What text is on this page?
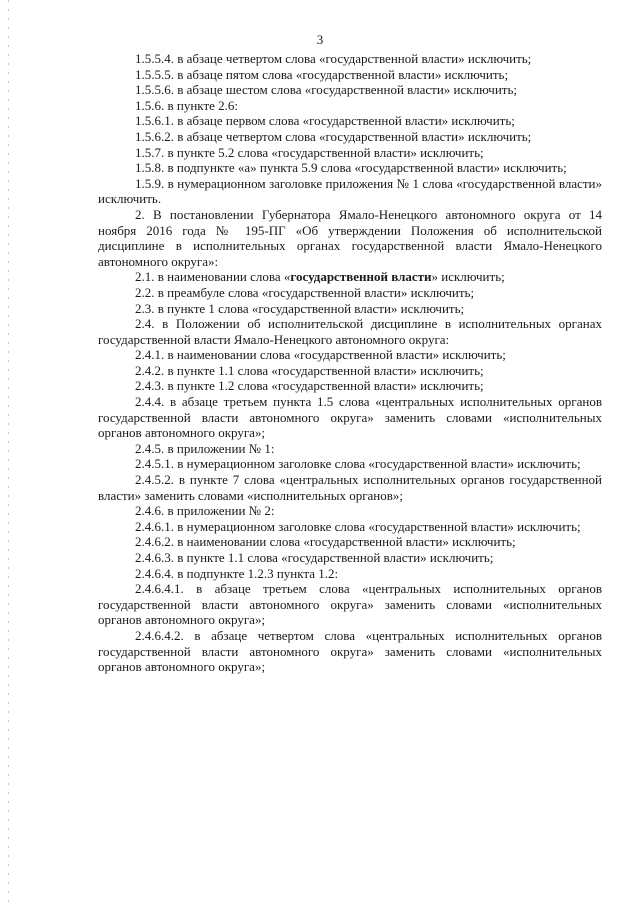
3

1.5.5.4. в абзаце четвертом слова «государственной власти» исключить;

1.5.5.5. в абзаце пятом слова «государственной власти» исключить;

1.5.5.6. в абзаце шестом слова «государственной власти» исключить;

1.5.6. в пункте 2.6:

1.5.6.1. в абзаце первом слова «государственной власти» исключить;

1.5.6.2. в абзаце четвертом слова «государственной власти» исключить;

1.5.7. в пункте 5.2 слова «государственной власти» исключить;

1.5.8. в подпункте «а» пункта 5.9 слова «государственной власти» исключить;

1.5.9. в нумерационном заголовке приложения № 1 слова «государственной власти» исключить.

2. В постановлении Губернатора Ямало-Ненецкого автономного округа от 14 ноября 2016 года № 195-ПГ «Об утверждении Положения об исполнительской дисциплине в исполнительных органах государственной власти Ямало-Ненецкого автономного округа»:

2.1. в наименовании слова «государственной власти» исключить;

2.2. в преамбуле слова «государственной власти» исключить;

2.3. в пункте 1 слова «государственной власти» исключить;

2.4. в Положении об исполнительской дисциплине в исполнительных органах государственной власти Ямало-Ненецкого автономного округа:

2.4.1. в наименовании слова «государственной власти» исключить;

2.4.2. в пункте 1.1 слова «государственной власти» исключить;

2.4.3. в пункте 1.2 слова «государственной власти» исключить;

2.4.4. в абзаце третьем пункта 1.5 слова «центральных исполнительных органов государственной власти автономного округа» заменить словами «исполнительных органов автономного округа»;

2.4.5. в приложении № 1:

2.4.5.1. в нумерационном заголовке слова «государственной власти» исключить;

2.4.5.2. в пункте 7 слова «центральных исполнительных органов государственной власти» заменить словами «исполнительных органов»;

2.4.6. в приложении № 2:

2.4.6.1. в нумерационном заголовке слова «государственной власти» исключить;

2.4.6.2. в наименовании слова «государственной власти» исключить;

2.4.6.3. в пункте 1.1 слова «государственной власти» исключить;

2.4.6.4. в подпункте 1.2.3 пункта 1.2:

2.4.6.4.1. в абзаце третьем слова «центральных исполнительных органов государственной власти автономного округа» заменить словами «исполнительных органов автономного округа»;

2.4.6.4.2. в абзаце четвертом слова «центральных исполнительных органов государственной власти автономного округа» заменить словами «исполнительных органов автономного округа»;
